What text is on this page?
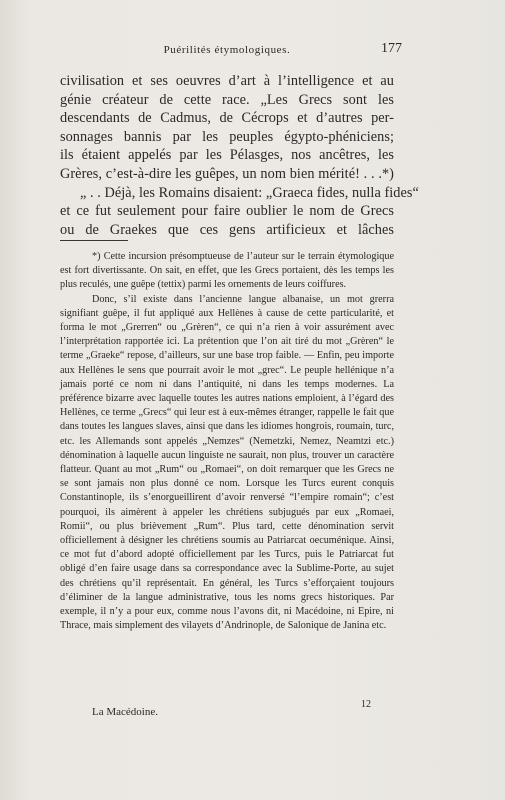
Puérilités étymologiques.	177
civilisation et ses oeuvres d’art à l’intelligence et au
génie créateur de cette race. „Les Grecs sont les
descendants de Cadmus, de Cécrops et d’autres per-
sonnages bannis par les peuples égypto-phéniciens;
ils étaient appelés par les Pélasges, nos ancêtres, les
Grères, c’est-à-dire les guêpes, un nom bien mérité! . . .*)
„ . . Déjà, les Romains disaient: „Graeca fides, nulla fides“
et ce fut seulement pour faire oublier le nom de Grecs
ou de Graekes que ces gens artificieux et lâches

*) Cette incursion présomptueuse de l’auteur sur le terrain étymologique est fort divertissante. On sait, en effet, que les Grecs portaient, dès les temps les plus reculés, une guêpe (tettix) parmi les ornements de leurs coiffures.

Donc, s’il existe dans l’ancienne langue albanaise, un mot grerra signifiant guêpe, il fut appliqué aux Hellènes à cause de cette particularité, et forma le mot „Grerren“ ou „Grèren“, ce qui n’a rien à voir assurément avec l’interprétation rapportée ici. La prétention que l’on ait tiré du mot „Grèren“ le terme „Graeke“ repose, d’ailleurs, sur une base trop faible. — Enfin, peu importe aux Hellènes le sens que pourrait avoir le mot „grec“. Le peuple hellénique n’a jamais porté ce nom ni dans l’antiquité, ni dans les temps modernes. La préférence bizarre avec laquelle toutes les autres nations emploient, à l’égard des Hellènes, ce terme „Grecs“ qui leur est à eux-mêmes étranger, rappelle le fait que dans toutes les langues slaves, ainsi que dans les idiomes hongrois, roumain, turc, etc. les Allemands sont appelés „Nemzes“ (Nemetzki, Nemez, Neamtzi etc.) dénomination à laquelle aucun linguiste ne saurait, non plus, trouver un caractère flatteur. Quant au mot „Rum“ ou „Romaei“, on doit remarquer que les Grecs ne se sont jamais non plus donné ce nom. Lorsque les Turcs eurent conquis Constantinople, ils s’enorgueillirent d’avoir renversé “l’empire romain“; c’est pourquoi, ils aimèrent à appeler les chrétiens subjugués par eux „Romaei, Romii“, ou plus brièvement „Rum“. Plus tard, cette dénomination servit officiellement à désigner les chrétiens soumis au Patriarcat oecuménique. Ainsi, ce mot fut d’abord adopté officiellement par les Turcs, puis le Patriarcat fut obligé d’en faire usage dans sa correspondance avec la Sublime-Porte, au sujet des chrétiens qu’il représentait. En général, les Turcs s’efforçaient toujours d’éliminer de la langue administrative, tous les noms grecs historiques. Par exemple, il n’y a pour eux, comme nous l’avons dit, ni Macédoine, ni Epire, ni Thrace, mais simplement des vilayets d’Andrinople, de Salonique de Janina etc.

La Macédoine.
12
